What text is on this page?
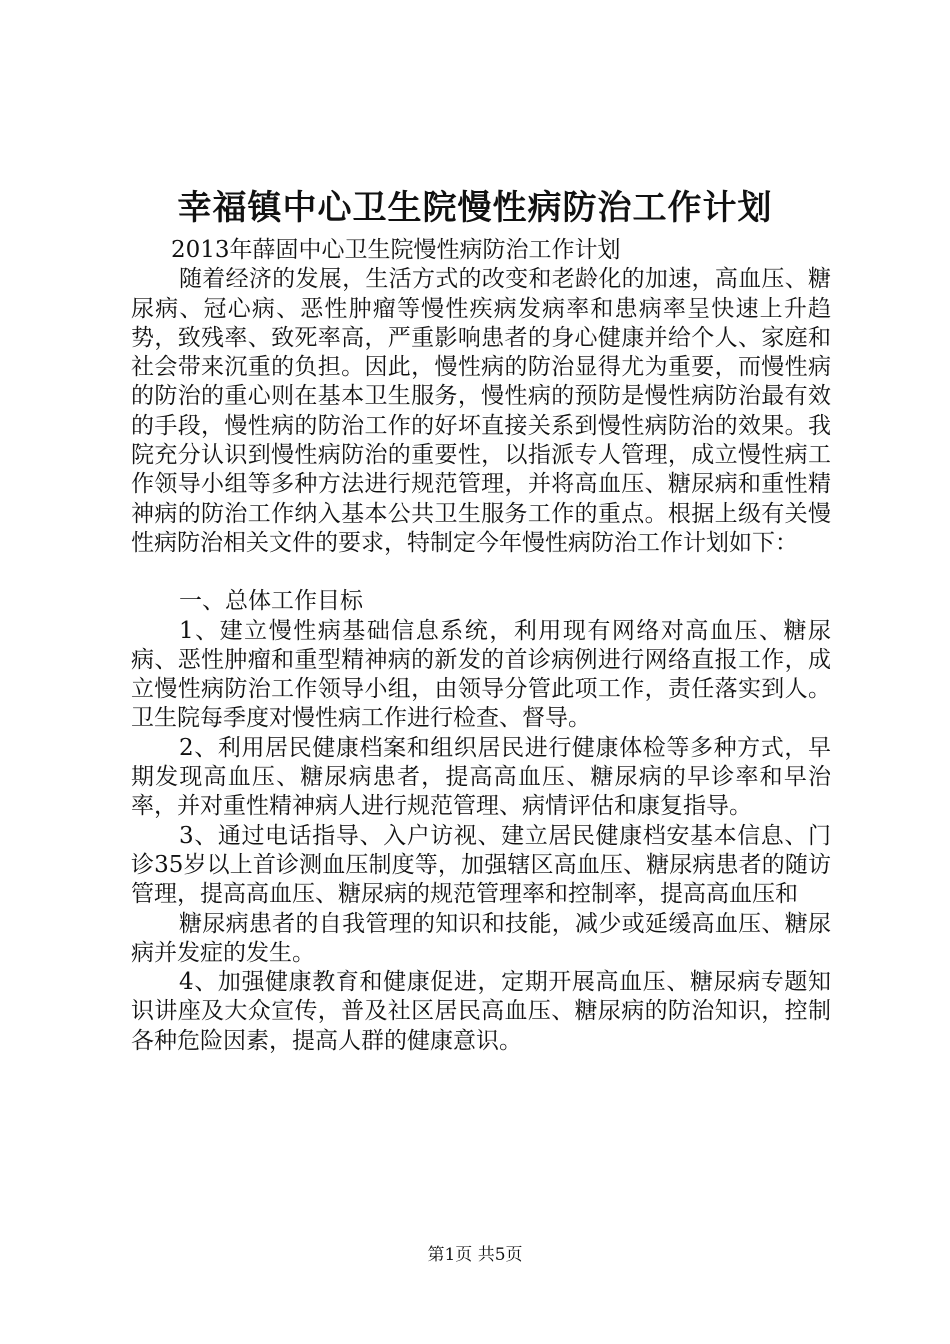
幸福镇中心卫生院慢性病防治工作计划

2013年薛固中心卫生院慢性病防治工作计划

随着经济的发展，生活方式的改变和老龄化的加速，高血压、糖尿病、冠心病、恶性肿瘤等慢性疾病发病率和患病率呈快速上升趋势，致残率、致死率高，严重影响患者的身心健康并给个人、家庭和社会带来沉重的负担。因此，慢性病的防治显得尤为重要，而慢性病的防治的重心则在基本卫生服务，慢性病的预防是慢性病防治最有效的手段，慢性病的防治工作的好坏直接关系到慢性病防治的效果。我院充分认识到慢性病防治的重要性，以指派专人管理，成立慢性病工作领导小组等多种方法进行规范管理，并将高血压、糖尿病和重性精神病的防治工作纳入基本公共卫生服务工作的重点。根据上级有关慢性病防治相关文件的要求，特制定今年慢性病防治工作计划如下：

一、总体工作目标

1、建立慢性病基础信息系统，利用现有网络对高血压、糖尿病、恶性肿瘤和重型精神病的新发的首诊病例进行网络直报工作，成立慢性病防治工作领导小组，由领导分管此项工作，责任落实到人。卫生院每季度对慢性病工作进行检查、督导。

2、利用居民健康档案和组织居民进行健康体检等多种方式，早期发现高血压、糖尿病患者，提高高血压、糖尿病的早诊率和早治率，并对重性精神病人进行规范管理、病情评估和康复指导。

3、通过电话指导、入户访视、建立居民健康档安基本信息、门诊35岁以上首诊测血压制度等，加强辖区高血压、糖尿病患者的随访管理，提高高血压、糖尿病的规范管理率和控制率，提高高血压和

糖尿病患者的自我管理的知识和技能，减少或延缓高血压、糖尿病并发症的发生。

4、加强健康教育和健康促进，定期开展高血压、糖尿病专题知识讲座及大众宣传，普及社区居民高血压、糖尿病的防治知识，控制各种危险因素，提高人群的健康意识。

第1页 共5页
